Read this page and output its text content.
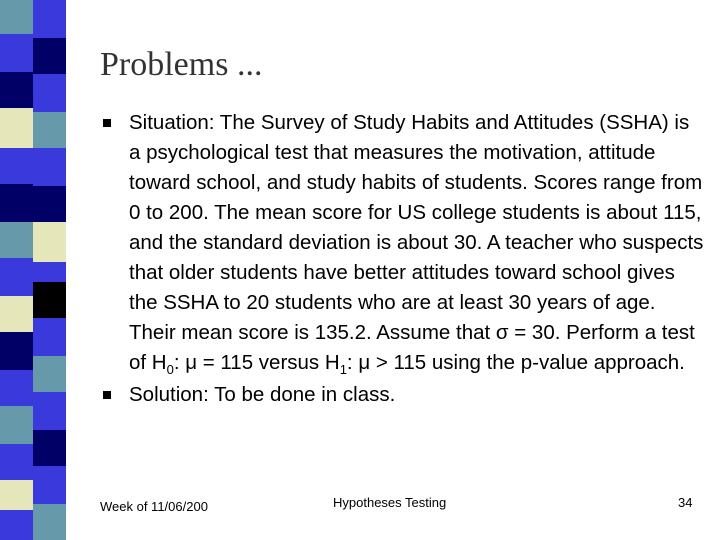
Problems ...
Situation: The Survey of Study Habits and Attitudes (SSHA) is a psychological test that measures the motivation, attitude toward school, and study habits of students. Scores range from 0 to 200. The mean score for US college students is about 115, and the standard deviation is about 30. A teacher who suspects that older students have better attitudes toward school gives the SSHA to 20 students who are at least 30 years of age. Their mean score is 135.2. Assume that σ = 30. Perform a test of $H_0$: μ = 115 versus $H_1$: μ > 115 using the p-value approach.
Solution: To be done in class.
Week of 11/06/200	Hypotheses Testing	34
